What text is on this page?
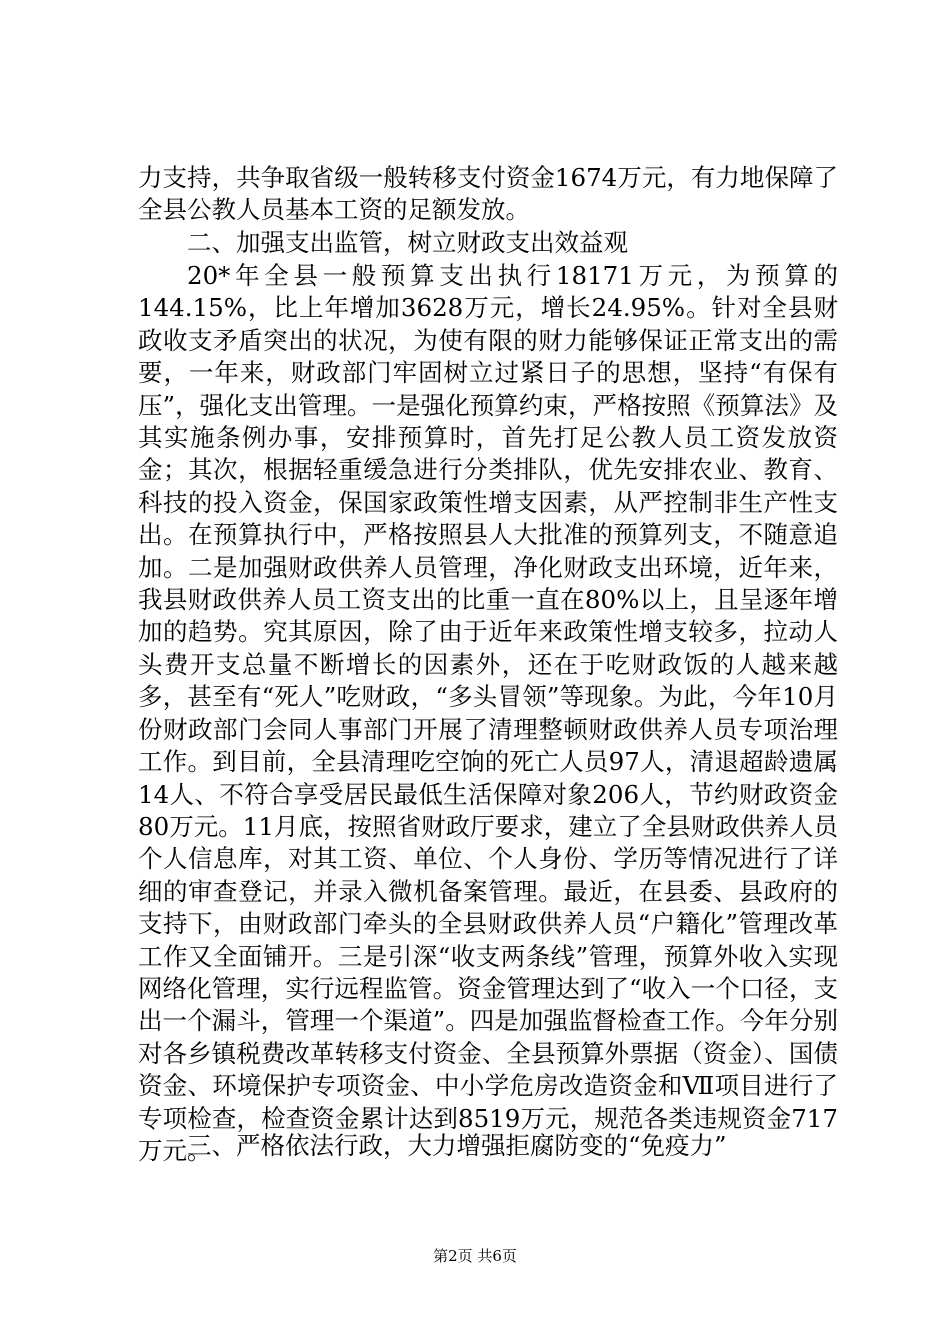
力支持，共争取省级一般转移支付资金1674万元，有力地保障了全县公教人员基本工资的足额发放。

二、加强支出监管，树立财政支出效益观

20*年全县一般预算支出执行18171万元，为预算的144.15%，比上年增加3628万元，增长24.95%。针对全县财政收支矛盾突出的状况，为使有限的财力能够保证正常支出的需要，一年来，财政部门牢固树立过紧日子的思想，坚持“有保有压”，强化支出管理。一是强化预算约束，严格按照《预算法》及其实施条例办事，安排预算时，首先打足公教人员工资发放资金；其次，根据轻重缓急进行分类排队，优先安排农业、教育、科技的投入资金，保国家政策性增支因素，从严控制非生产性支出。在预算执行中，严格按照县人大批准的预算列支，不随意追加。二是加强财政供养人员管理，净化财政支出环境，近年来，我县财政供养人员工资支出的比重一直在80%以上，且呈逐年增加的趋势。究其原因，除了由于近年来政策性增支较多，拉动人头费开支总量不断增长的因素外，还在于吃财政饭的人越来越多，甚至有“死人”吃财政，“多头冒领”等现象。为此，今年10月份财政部门会同人事部门开展了清理整顿财政供养人员专项治理工作。到目前，全县清理吃空饷的死亡人员97人，清退超龄遗属14人、不符合享受居民最低生活保障对象206人，节约财政资金80万元。11月底，按照省财政厅要求，建立了全县财政供养人员个人信息库，对其工资、单位、个人身份、学历等情况进行了详细的审查登记，并录入微机备案管理。最近，在县委、县政府的支持下，由财政部门牵头的全县财政供养人员“户籍化”管理改革工作又全面铺开。三是引深“收支两条线”管理，预算外收入实现网络化管理，实行远程监管。资金管理达到了“收入一个口径，支出一个漏斗，管理一个渠道”。四是加强监督检查工作。今年分别对各乡镇税费改革转移支付资金、全县预算外票据（资金）、国债资金、环境保护专项资金、中小学危房改造资金和Ⅶ项目进行了专项检查，检查资金累计达到8519万元，规范各类违规资金717万元。

三、严格依法行政，大力增强拒腐防变的“免疫力”
第2页 共6页
